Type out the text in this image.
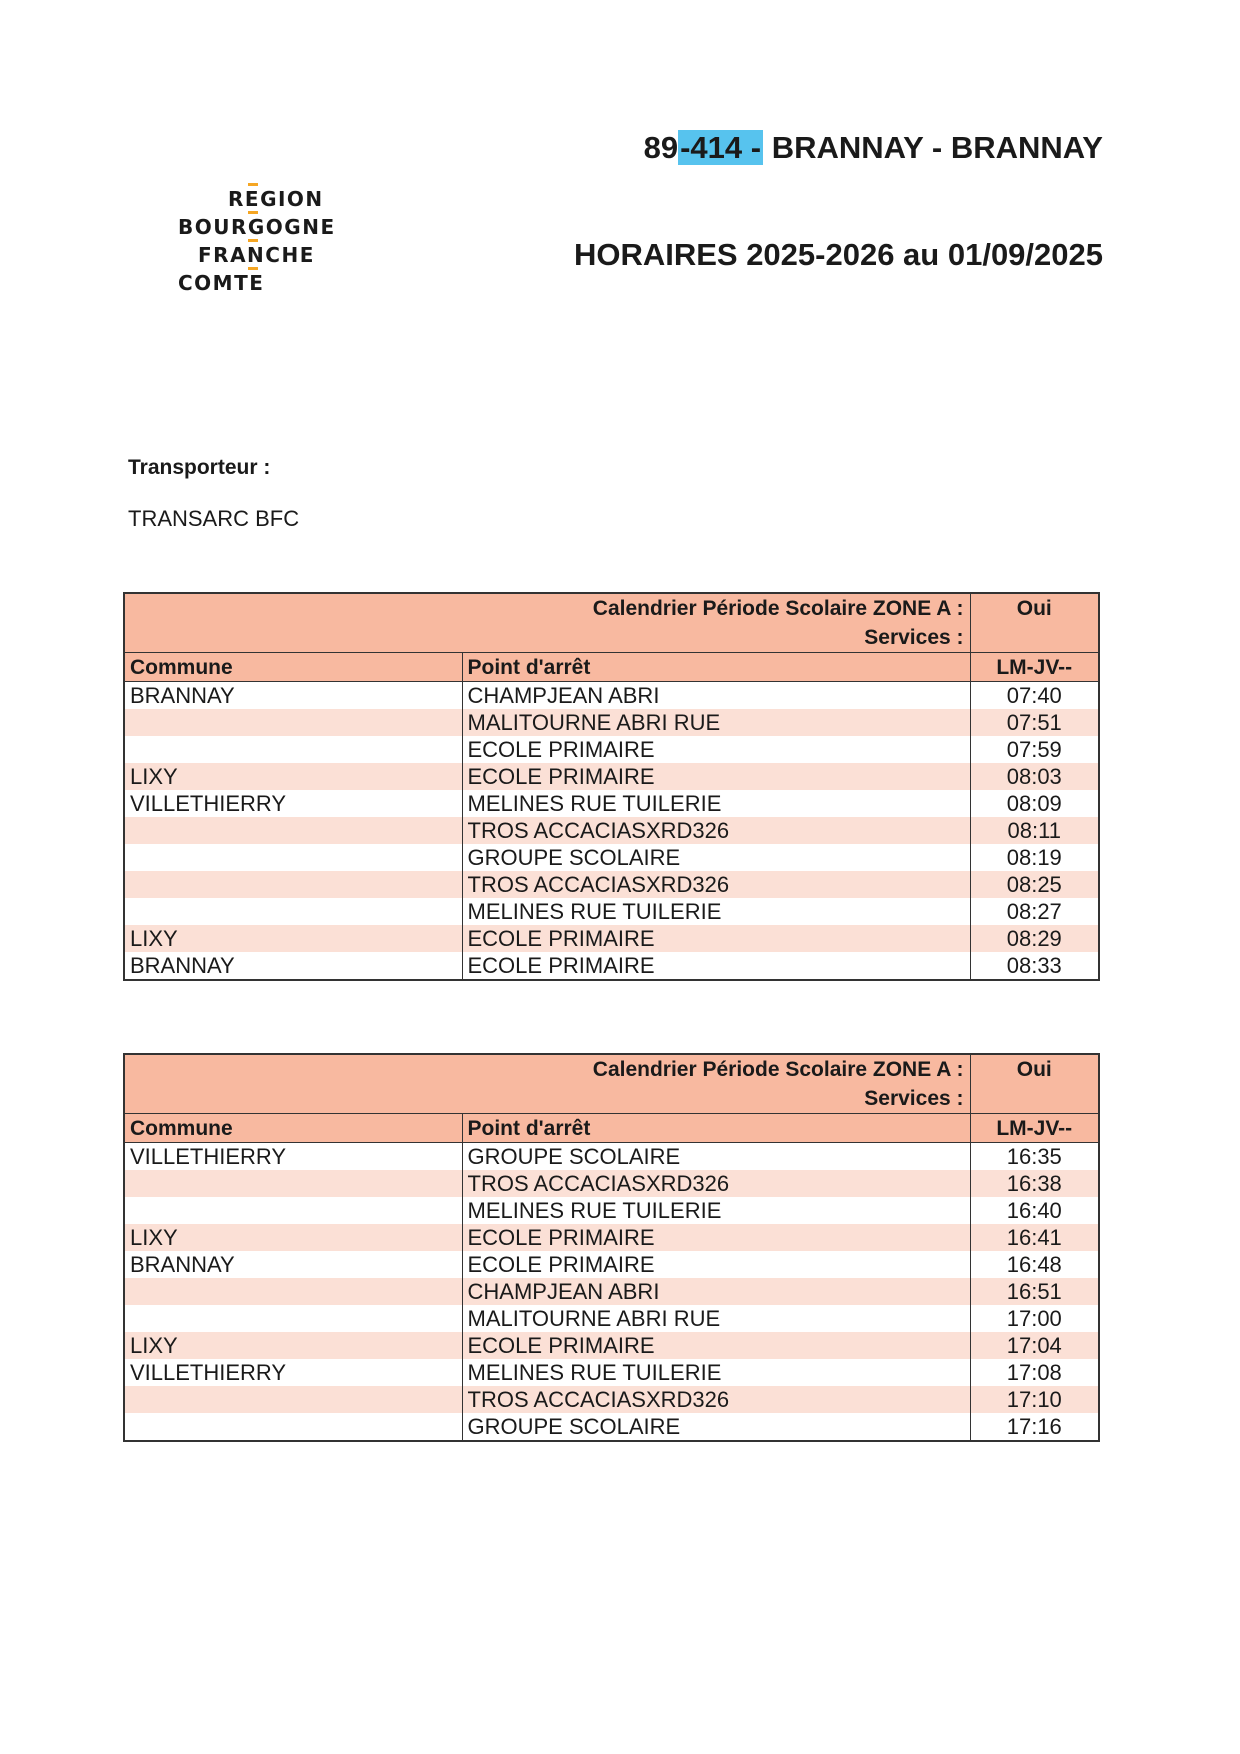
REGION
BOURGOGNE
FRANCHE
COMTE
89-414 - BRANNAY - BRANNAY
HORAIRES 2025-2026 au 01/09/2025
Transporteur :
TRANSARC BFC
Calendrier Période Scolaire ZONE A :
Services :		Oui
Commune	Point d'arrêt	LM-JV--
BRANNAY	CHAMPJEAN ABRI	07:40
	MALITOURNE ABRI RUE	07:51
	ECOLE PRIMAIRE	07:59
LIXY	ECOLE PRIMAIRE	08:03
VILLETHIERRY	MELINES RUE TUILERIE	08:09
	TROS ACCACIASXRD326	08:11
	GROUPE SCOLAIRE	08:19
	TROS ACCACIASXRD326	08:25
	MELINES RUE TUILERIE	08:27
LIXY	ECOLE PRIMAIRE	08:29
BRANNAY	ECOLE PRIMAIRE	08:33
Calendrier Période Scolaire ZONE A :
Services :		Oui
Commune	Point d'arrêt	LM-JV--
VILLETHIERRY	GROUPE SCOLAIRE	16:35
	TROS ACCACIASXRD326	16:38
	MELINES RUE TUILERIE	16:40
LIXY	ECOLE PRIMAIRE	16:41
BRANNAY	ECOLE PRIMAIRE	16:48
	CHAMPJEAN ABRI	16:51
	MALITOURNE ABRI RUE	17:00
LIXY	ECOLE PRIMAIRE	17:04
VILLETHIERRY	MELINES RUE TUILERIE	17:08
	TROS ACCACIASXRD326	17:10
	GROUPE SCOLAIRE	17:16
